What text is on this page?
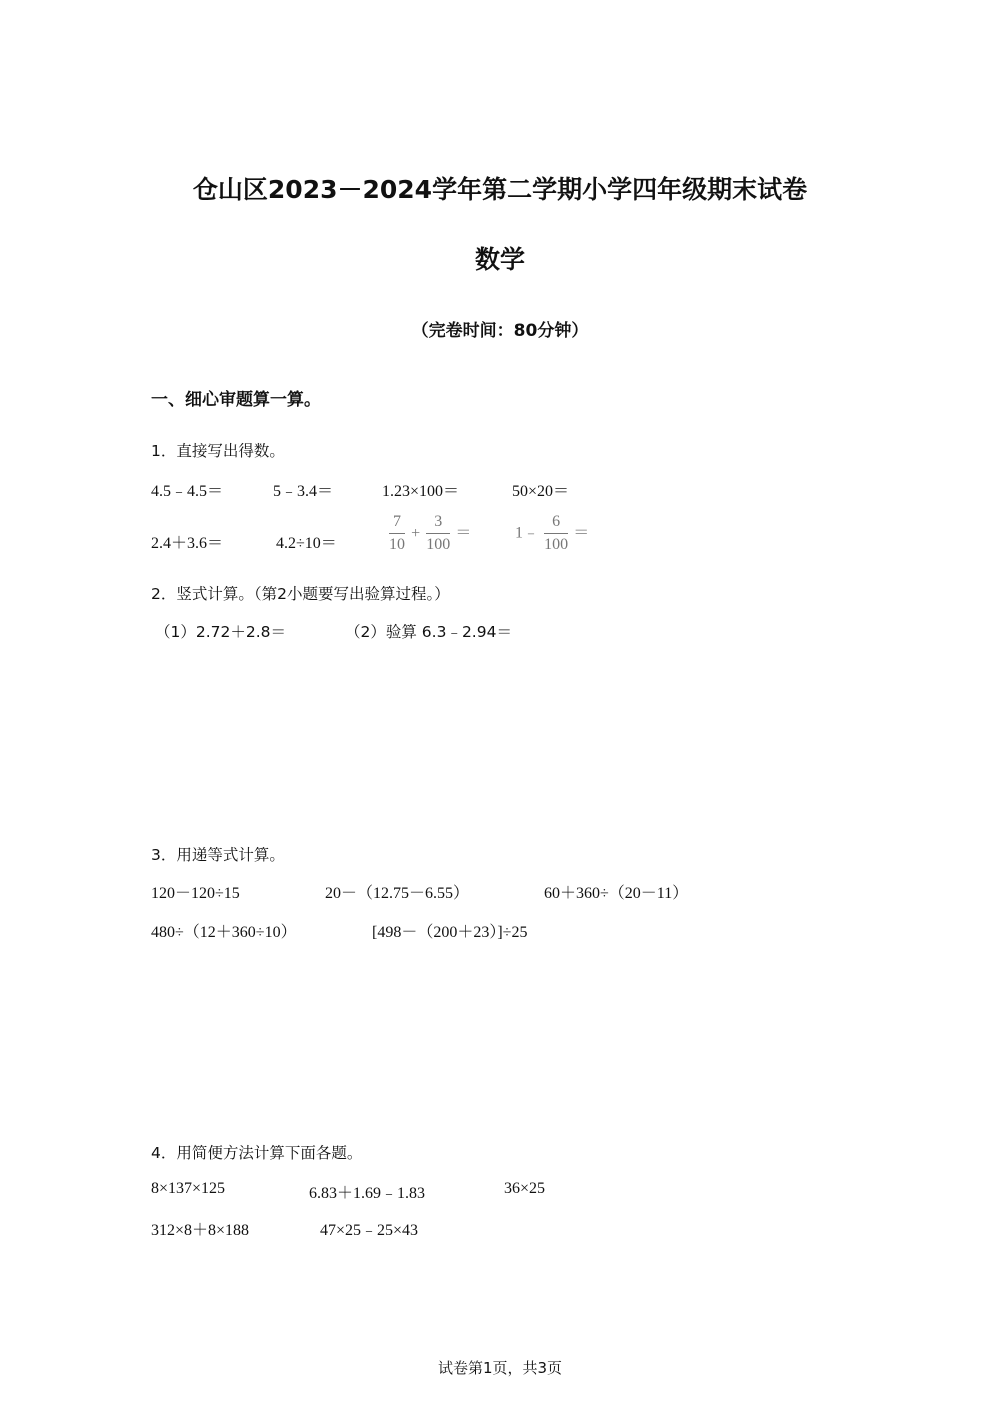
仓山区2023－2024学年第二学期小学四年级期末试卷
数学
（完卷时间：80分钟）
一、细心审题算一算。
1．直接写出得数。
4.5﹣4.5＝	5﹣3.4＝	1.23×100＝	50×20＝
2.4＋3.6＝	4.2÷10＝	$\frac{7}{10} + \frac{3}{100}$ ＝	1﹣ $\frac{6}{100}$ ＝
2．竖式计算。（第2小题要写出验算过程。）
（1）2.72＋2.8＝	（2）验算 6.3﹣2.94＝
3．用递等式计算。
120－120÷15	20－（12.75－6.55）	60＋360÷（20－11）
480÷（12＋360÷10）	[498－（200＋23）]÷25
4．用简便方法计算下面各题。
8×137×125	6.83＋1.69﹣1.83	36×25
312×8＋8×188	47×25﹣25×43
试卷第1页，共3页
